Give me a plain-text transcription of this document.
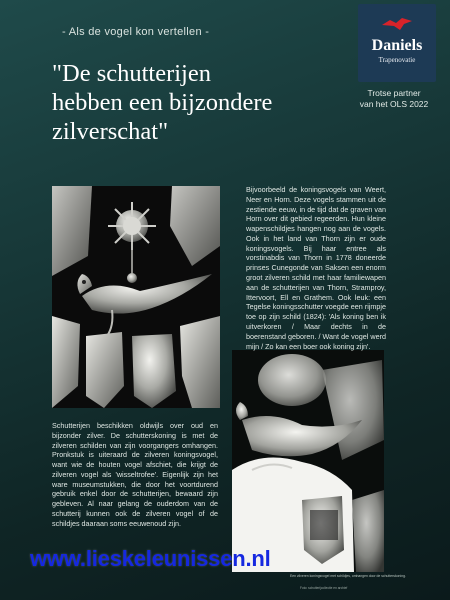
- Als de vogel kon vertellen -
Daniels
Trapenovatie
Trotse partner
van het OLS 2022
"De schutterijen
hebben een bijzondere
zilverschat"
Bijvoorbeeld de koningsvogels van Weert, Neer en Horn. Deze vogels stammen uit de zestiende eeuw, in de tijd dat de graven van Horn over dit gebied regeerden. Hun kleine wapenschildjes hangen nog aan de vogels. Ook in het land van Thorn zijn er oude koningsvogels. Bij haar entree als vorstinabdis van Thorn in 1778 doneerde prinses Cunegonde van Saksen een enorm groot zilveren schild met haar familiewapen aan de schutterijen van Thorn, Stramproy, Ittervoort, Ell en Grathem. Ook leuk: een Tegelse koningsschutter voegde een rijmpje toe op zijn schild (1824): 'Als koning ben ik uitverkoren / Maar dechts in de boerenstand geboren. / Want de vogel werd mijn / Zo kan een boer ook koning zijn'.
Schutterijen beschikken oldwijls over oud en bijzonder zilver. De schutterskoning is met de zilveren schilden van zijn voorgangers omhangen. Pronkstuk is uiteraard de zilveren koningsvogel, want wie de houten vogel afschiet, die krijgt de zilveren vogel als 'wisseltrofee'. Eigenlijk zijn het ware museumstukken, die door het voortdurend gebruik enkel door de schutterijen, bewaard zijn gebleven. Al naar gelang de ouderdom van de schutterij kunnen ook de zilveren vogel of de schildjes daaraan soms eeuwenoud zijn.
Een zilveren koningsvogel met schildjes, omhangen door de schutterskoning.
Foto: schutterijcollectie en archief
www.lieskeleunissen.nl
